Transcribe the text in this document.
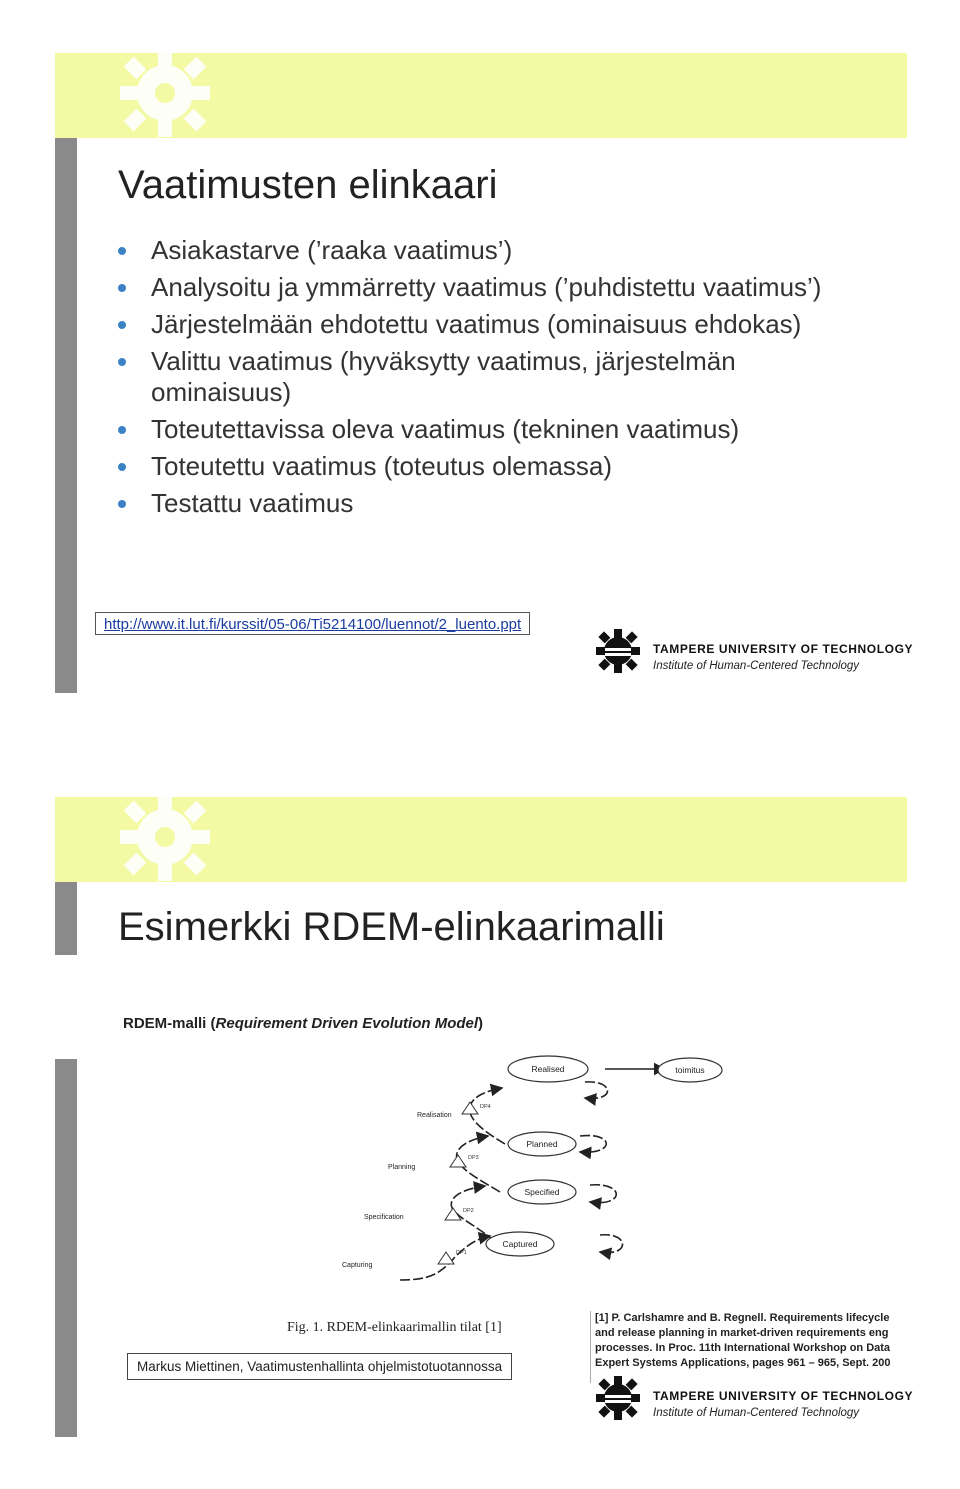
Vaatimusten elinkaari
Asiakastarve (’raaka vaatimus’)
Analysoitu ja ymmärretty vaatimus (’puhdistettu vaatimus’)
Järjestelmään ehdotettu vaatimus (ominaisuus ehdokas)
Valittu vaatimus (hyväksytty vaatimus, järjestelmän ominaisuus)
Toteutettavissa oleva vaatimus (tekninen vaatimus)
Toteutettu vaatimus (toteutus olemassa)
Testattu vaatimus
http://www.it.lut.fi/kurssit/05-06/Ti5214100/luennot/2_luento.ppt
TAMPERE UNIVERSITY OF TECHNOLOGY
Institute of Human-Centered Technology
Esimerkki RDEM-elinkaarimalli
RDEM-malli (Requirement Driven Evolution Model)
Captured
Specified
Planned
Realised	toimitus
DP1
DP2
DP3
DP4
Capturing
Specification
Planning
Realisation
Fig. 1. RDEM-elinkaarimallin tilat [1]
Markus Miettinen, Vaatimustenhallinta ohjelmistotuotannossa

[1] P. Carlshamre and B. Regnell. Requirements lifecycle

and release planning in market-driven requirements eng

processes. In Proc. 11th International Workshop on Data

Expert Systems Applications, pages 961 – 965, Sept. 200

TAMPERE UNIVERSITY OF TECHNOLOGY
Institute of Human-Centered Technology
